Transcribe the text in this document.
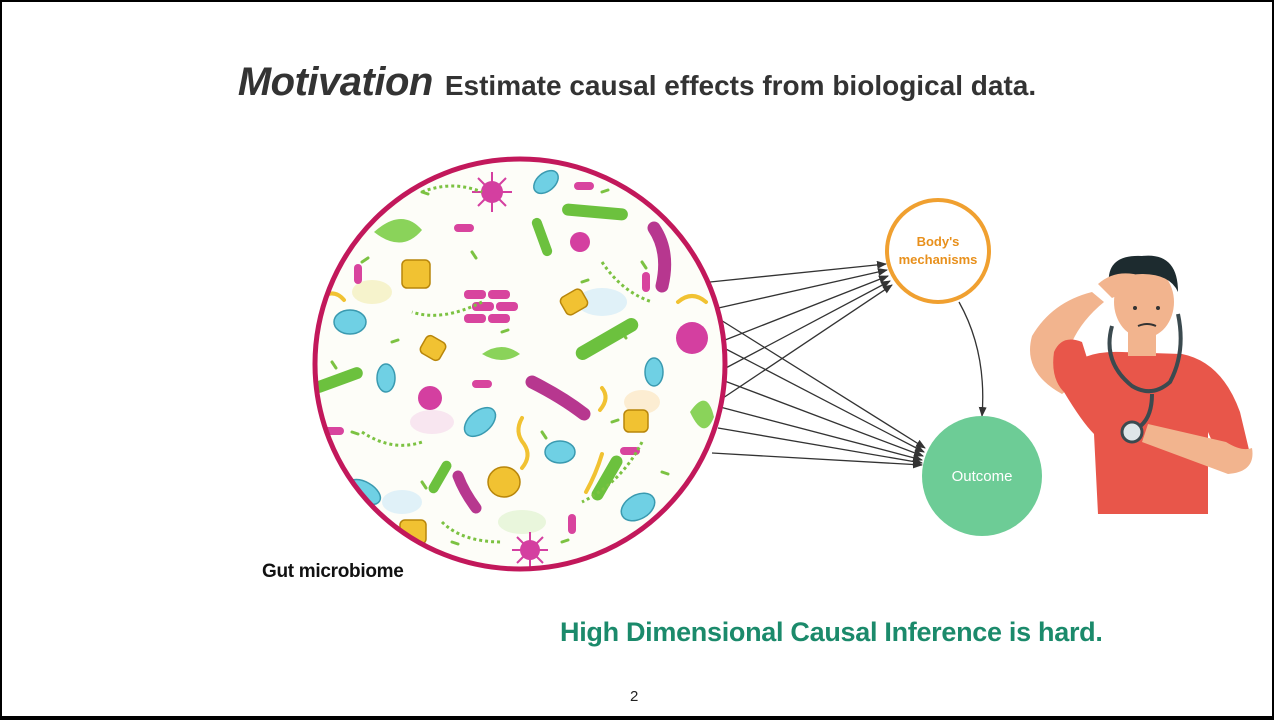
Motivation Estimate causal effects from biological data.
Body's
mechanisms
Outcome
Gut microbiome
High Dimensional Causal Inference is hard.
2
